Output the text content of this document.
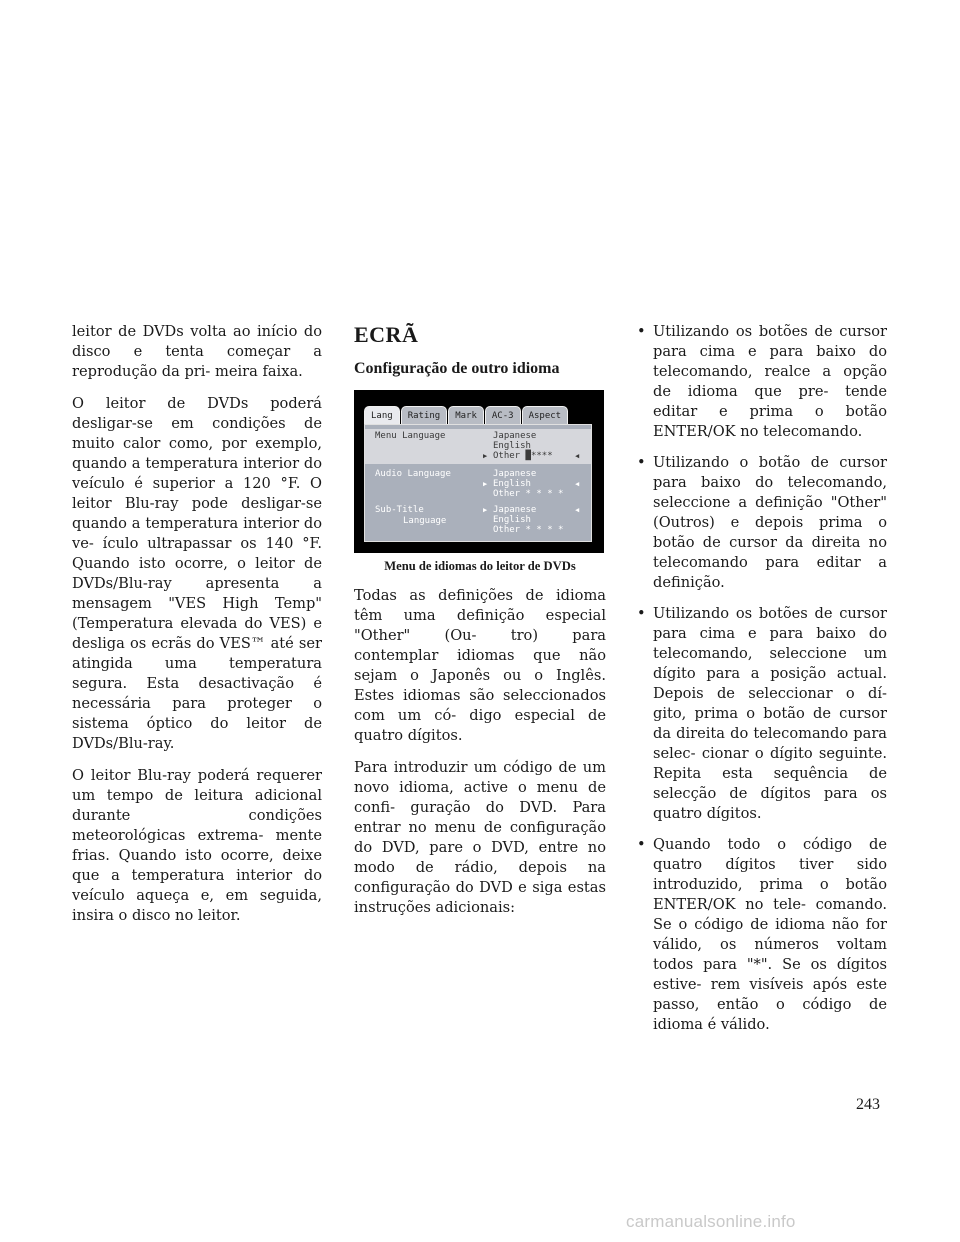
leitor de DVDs volta ao início do disco e tenta começar a reprodução da pri- meira faixa.

O leitor de DVDs poderá desligar-se em condições de muito calor como, por exemplo, quando a temperatura interior do veículo é superior a 120 °F. O leitor Blu-ray pode desligar-se quando a temperatura interior do ve- ículo ultrapassar os 140 °F. Quando isto ocorre, o leitor de DVDs/Blu-ray apresenta a mensagem "VES High Temp" (Temperatura elevada do VES) e desliga os ecrãs do VES™ até ser atingida uma temperatura segura. Esta desactivação é necessária para proteger o sistema óptico do leitor de DVDs/Blu-ray.

O leitor Blu-ray poderá requerer um tempo de leitura adicional durante condições meteorológicas extrema- mente frias. Quando isto ocorre, deixe que a temperatura interior do veículo aqueça e, em seguida, insira o disco no leitor.

ECRÃ
Configuração de outro idioma
Lang	Rating	Mark	AC-3	Aspect
Menu Language	Japanese
English
▶ Other █****	◀
Audio Language	Japanese
▶ English	◀
Other * * * *
Sub-Title
Language
▶ Japanese	◀
English
Other * * * *
Menu de idiomas do leitor de DVDs

Todas as definições de idioma têm uma definição especial "Other" (Ou- tro) para contemplar idiomas que não sejam o Japonês ou o Inglês. Estes idiomas são seleccionados com um có- digo especial de quatro dígitos.

Para introduzir um código de um novo idioma, active o menu de confi- guração do DVD. Para entrar no menu de configuração do DVD, pare o DVD, entre no modo de rádio, depois na configuração do DVD e siga estas instruções adicionais:

• Utilizando os botões de cursor para cima e para baixo do telecomando, realce a opção de idioma que pre- tende editar e prima o botão ENTER/OK no telecomando.
• Utilizando o botão de cursor para baixo do telecomando, seleccione a definição "Other" (Outros) e depois prima o botão de cursor da direita no telecomando para editar a definição.
• Utilizando os botões de cursor para cima e para baixo do telecomando, seleccione um dígito para a posição actual. Depois de seleccionar o dí- gito, prima o botão de cursor da direita do telecomando para selec- cionar o dígito seguinte. Repita esta sequência de selecção de dígitos para os quatro dígitos.
• Quando todo o código de quatro dígitos tiver sido introduzido, prima o botão ENTER/OK no tele- comando. Se o código de idioma não for válido, os números voltam todos para "*". Se os dígitos estive- rem visíveis após este passo, então o código de idioma é válido.
243
carmanualsonline.info
